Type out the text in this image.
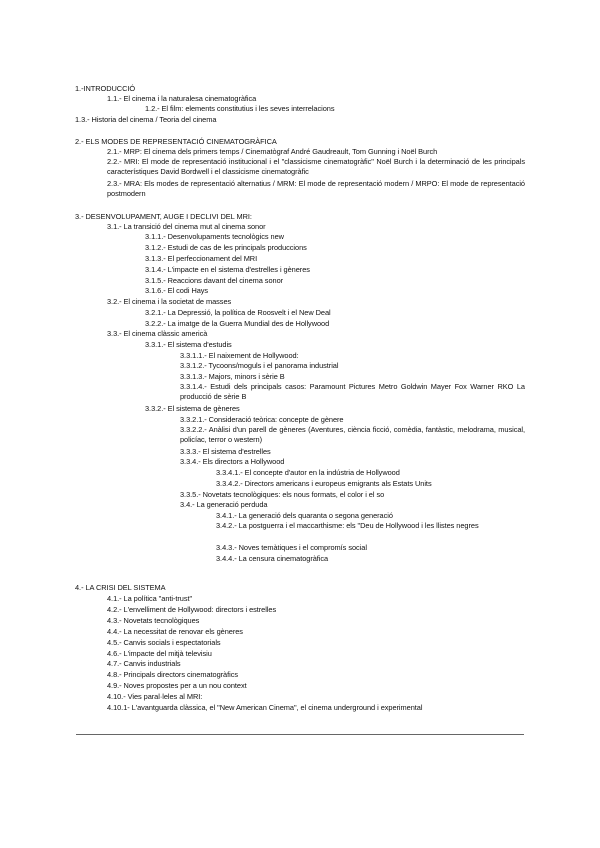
1.-INTRODUCCIÓ
1.1.- El cinema i la naturalesa cinematogràfica
1.2.- El film: elements constitutius i les seves interrelacions
1.3.- Historia del cinema / Teoria del cinema
2.- ELS MODES DE REPRESENTACIÓ CINEMATOGRÀFICA
2.1.- MRP: El cinema dels primers temps / Cinematògraf André Gaudreault, Tom Gunning i Noël Burch
2.2.- MRI: El mode de representació institucional i el "classicisme cinematogràfic" Noël Burch i la determinació de les principals característiques David Bordwell i el classicisme cinematogràfic
2.3.- MRA: Els modes de representació alternatius / MRM: El mode de representació modern / MRPO: El mode de representació postmodern
3.- DESENVOLUPAMENT, AUGE I DECLIVI DEL MRI:
3.1.- La transició del cinema mut al cinema sonor
3.1.1.- Desenvolupaments tecnològics new
3.1.2.- Estudi de cas de les principals produccions
3.1.3.- El perfeccionament del MRI
3.1.4.- L'impacte en el sistema d'estrelles i gèneres
3.1.5.- Reaccions davant del cinema sonor
3.1.6.- El codi Hays
3.2.- El cinema i la societat de masses
3.2.1.- La Depressió, la política de Roosvelt i el New Deal
3.2.2.- La imatge de la Guerra Mundial des de Hollywood
3.3.- El cinema clàssic americà
3.3.1.- El sistema d'estudis
3.3.1.1.- El naixement de Hollywood:
3.3.1.2.- Tycoons/moguls i el panorama industrial
3.3.1.3.- Majors, minors i sèrie B
3.3.1.4.- Estudi dels principals casos: Paramount Pictures Metro Goldwin Mayer Fox Warner RKO La producció de sèrie B
3.3.2.- El sistema de gèneres
3.3.2.1.- Consideració teòrica: concepte de gènere
3.3.2.2.- Anàlisi d'un parell de gèneres (Aventures, ciència ficció, comèdia, fantàstic, melodrama, musical, policíac, terror o western)
3.3.3.- El sistema d'estrelles
3.3.4.- Els directors a Hollywood
3.3.4.1.- El concepte d'autor en la indústria de Hollywood
3.3.4.2.- Directors americans i europeus emigrants als Estats Units
3.3.5.- Novetats tecnològiques: els nous formats, el color i el so
3.4.- La generació perduda
3.4.1.- La generació dels quaranta o segona generació
3.4.2.- La postguerra i el maccarthisme: els "Deu de Hollywood i les llistes negres
3.4.3.- Noves temàtiques i el compromís social
3.4.4.- La censura cinematogràfica
4.- LA CRISI DEL SISTEMA
4.1.- La política "anti-trust"
4.2.- L'envelliment de Hollywood: directors i estrelles
4.3.- Novetats tecnològiques
4.4.- La necessitat de renovar els gèneres
4.5.- Canvis socials i espectatorials
4.6.- L'impacte del mitjà televisiu
4.7.- Canvis industrials
4.8.- Principals directors cinematogràfics
4.9.- Noves propostes per a un nou context
4.10.- Vies paral·leles al MRI:
4.10.1- L'avantguarda clàssica, el "New American Cinema", el cinema underground i experimental
